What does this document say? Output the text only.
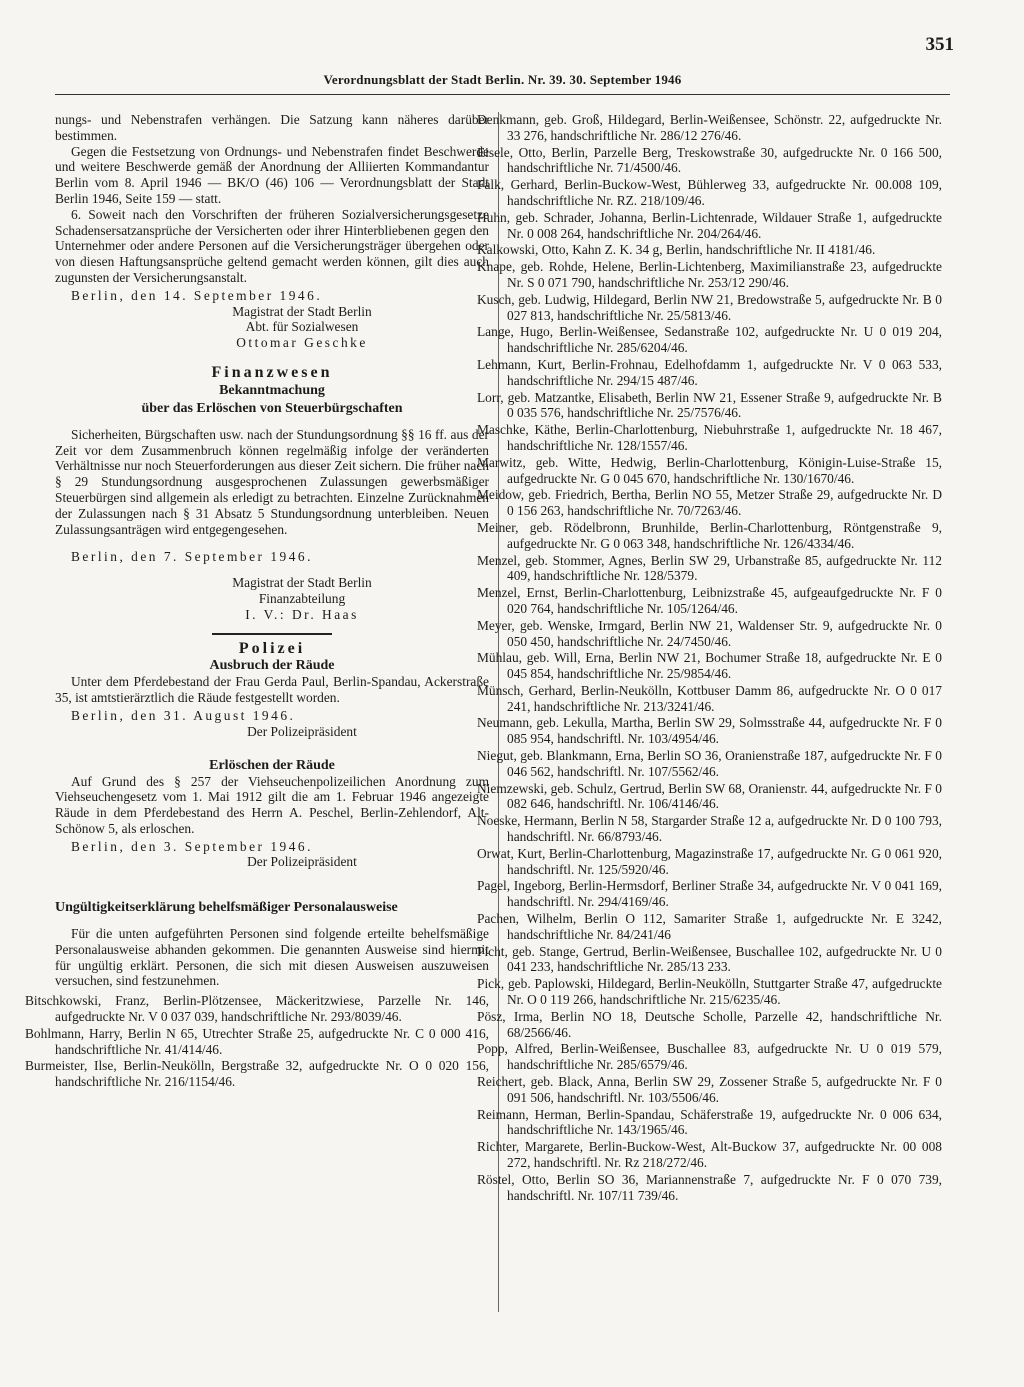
351
Verordnungsblatt der Stadt Berlin. Nr. 39. 30. September 1946

nungs- und Nebenstrafen verhängen. Die Satzung kann näheres darüber bestimmen.

Gegen die Festsetzung von Ordnungs- und Nebenstrafen findet Beschwerde und weitere Beschwerde gemäß der Anordnung der Alliierten Kommandantur Berlin vom 8. April 1946 — BK/O (46) 106 — Verordnungsblatt der Stadt Berlin 1946, Seite 159 — statt.

6. Soweit nach den Vorschriften der früheren Sozialversicherungsgesetze Schadensersatzansprüche der Versicherten oder ihrer Hinterbliebenen gegen den Unternehmer oder andere Personen auf die Versicherungsträger übergehen oder von diesen Haftungsansprüche geltend gemacht werden können, gilt dies auch zugunsten der Versicherungsanstalt.

Berlin, den 14. September 1946.

Magistrat der Stadt Berlin

Abt. für Sozialwesen

Ottomar Geschke

Finanzwesen
Bekanntmachung
über das Erlöschen von Steuerbürgschaften

Sicherheiten, Bürgschaften usw. nach der Stundungsordnung §§ 16 ff. aus der Zeit vor dem Zusammenbruch können regelmäßig infolge der veränderten Verhältnisse nur noch Steuerforderungen aus dieser Zeit sichern. Die früher nach § 29 Stundungsordnung ausgesprochenen Zulassungen gewerbsmäßiger Steuerbürgen sind allgemein als erledigt zu betrachten. Einzelne Zurücknahmen der Zulassungen nach § 31 Absatz 5 Stundungsordnung unterbleiben. Neuen Zulassungsanträgen wird entgegengesehen.

Berlin, den 7. September 1946.

Magistrat der Stadt Berlin

Finanzabteilung

I. V.: Dr. Haas

Polizei
Ausbruch der Räude

Unter dem Pferdebestand der Frau Gerda Paul, Berlin-Spandau, Ackerstraße 35, ist amtstierärztlich die Räude festgestellt worden.

Berlin, den 31. August 1946.

Der Polizeipräsident

Erlöschen der Räude

Auf Grund des § 257 der Viehseuchenpolizeilichen Anordnung zum Viehseuchengesetz vom 1. Mai 1912 gilt die am 1. Februar 1946 angezeigte Räude in dem Pferdebestand des Herrn A. Peschel, Berlin-Zehlendorf, Alt-Schönow 5, als erloschen.

Berlin, den 3. September 1946.

Der Polizeipräsident

Ungültigkeitserklärung behelfsmäßiger Personalausweise

Für die unten aufgeführten Personen sind folgende erteilte behelfsmäßige Personalausweise abhanden gekommen. Die genannten Ausweise sind hiermit für ungültig erklärt. Personen, die sich mit diesen Ausweisen auszuweisen versuchen, sind festzunehmen.

Bitschkowski, Franz, Berlin-Plötzensee, Mäckeritzwiese, Parzelle Nr. 146, aufgedruckte Nr. V 0 037 039, handschriftliche Nr. 293/8039/46.

Bohlmann, Harry, Berlin N 65, Utrechter Straße 25, aufgedruckte Nr. C 0 000 416, handschriftliche Nr. 41/414/46.

Burmeister, Ilse, Berlin-Neukölln, Bergstraße 32, aufgedruckte Nr. O 0 020 156, handschriftliche Nr. 216/1154/46.

Denkmann, geb. Groß, Hildegard, Berlin-Weißensee, Schönstr. 22, aufgedruckte Nr. 33 276, handschriftliche Nr. 286/12 276/46.

Eisele, Otto, Berlin, Parzelle Berg, Treskowstraße 30, aufgedruckte Nr. 0 166 500, handschriftliche Nr. 71/4500/46.

Falk, Gerhard, Berlin-Buckow-West, Bühlerweg 33, aufgedruckte Nr. 00.008 109, handschriftliche Nr. RZ. 218/109/46.

Huhn, geb. Schrader, Johanna, Berlin-Lichtenrade, Wildauer Straße 1, aufgedruckte Nr. 0 008 264, handschriftliche Nr. 204/264/46.

Kalkowski, Otto, Kahn Z. K. 34 g, Berlin, handschriftliche Nr. II 4181/46.

Knape, geb. Rohde, Helene, Berlin-Lichtenberg, Maximilianstraße 23, aufgedruckte Nr. S 0 071 790, handschriftliche Nr. 253/12 290/46.

Kusch, geb. Ludwig, Hildegard, Berlin NW 21, Bredowstraße 5, aufgedruckte Nr. B 0 027 813, handschriftliche Nr. 25/5813/46.

Lange, Hugo, Berlin-Weißensee, Sedanstraße 102, aufgedruckte Nr. U 0 019 204, handschriftliche Nr. 285/6204/46.

Lehmann, Kurt, Berlin-Frohnau, Edelhofdamm 1, aufgedruckte Nr. V 0 063 533, handschriftliche Nr. 294/15 487/46.

Lorr, geb. Matzantke, Elisabeth, Berlin NW 21, Essener Straße 9, aufgedruckte Nr. B 0 035 576, handschriftliche Nr. 25/7576/46.

Maschke, Käthe, Berlin-Charlottenburg, Niebuhrstraße 1, aufgedruckte Nr. 18 467, handschriftliche Nr. 128/1557/46.

Marwitz, geb. Witte, Hedwig, Berlin-Charlottenburg, Königin-Luise-Straße 15, aufgedruckte Nr. G 0 045 670, handschriftliche Nr. 130/1670/46.

Meidow, geb. Friedrich, Bertha, Berlin NO 55, Metzer Straße 29, aufgedruckte Nr. D 0 156 263, handschriftliche Nr. 70/7263/46.

Meiner, geb. Rödelbronn, Brunhilde, Berlin-Charlottenburg, Röntgenstraße 9, aufgedruckte Nr. G 0 063 348, handschriftliche Nr. 126/4334/46.

Menzel, geb. Stommer, Agnes, Berlin SW 29, Urbanstraße 85, aufgedruckte Nr. 112 409, handschriftliche Nr. 128/5379.

Menzel, Ernst, Berlin-Charlottenburg, Leibnizstraße 45, aufgeaufgedruckte Nr. F 0 020 764, handschriftliche Nr. 105/1264/46.

Meyer, geb. Wenske, Irmgard, Berlin NW 21, Waldenser Str. 9, aufgedruckte Nr. 0 050 450, handschriftliche Nr. 24/7450/46.

Mühlau, geb. Will, Erna, Berlin NW 21, Bochumer Straße 18, aufgedruckte Nr. E 0 045 854, handschriftliche Nr. 25/9854/46.

Münsch, Gerhard, Berlin-Neukölln, Kottbuser Damm 86, aufgedruckte Nr. O 0 017 241, handschriftliche Nr. 213/3241/46.

Neumann, geb. Lekulla, Martha, Berlin SW 29, Solmsstraße 44, aufgedruckte Nr. F 0 085 954, handschriftl. Nr. 103/4954/46.

Niegut, geb. Blankmann, Erna, Berlin SO 36, Oranienstraße 187, aufgedruckte Nr. F 0 046 562, handschriftl. Nr. 107/5562/46.

Niemzewski, geb. Schulz, Gertrud, Berlin SW 68, Oranienstr. 44, aufgedruckte Nr. F 0 082 646, handschriftl. Nr. 106/4146/46.

Noeske, Hermann, Berlin N 58, Stargarder Straße 12 a, aufgedruckte Nr. D 0 100 793, handschriftl. Nr. 66/8793/46.

Orwat, Kurt, Berlin-Charlottenburg, Magazinstraße 17, aufgedruckte Nr. G 0 061 920, handschriftl. Nr. 125/5920/46.

Pagel, Ingeborg, Berlin-Hermsdorf, Berliner Straße 34, aufgedruckte Nr. V 0 041 169, handschriftl. Nr. 294/4169/46.

Pachen, Wilhelm, Berlin O 112, Samariter Straße 1, aufgedruckte Nr. E 3242, handschriftliche Nr. 84/241/46

Picht, geb. Stange, Gertrud, Berlin-Weißensee, Buschallee 102, aufgedruckte Nr. U 0 041 233, handschriftliche Nr. 285/13 233.

Pick, geb. Paplowski, Hildegard, Berlin-Neukölln, Stuttgarter Straße 47, aufgedruckte Nr. O 0 119 266, handschriftliche Nr. 215/6235/46.

Pösz, Irma, Berlin NO 18, Deutsche Scholle, Parzelle 42, handschriftliche Nr. 68/2566/46.

Popp, Alfred, Berlin-Weißensee, Buschallee 83, aufgedruckte Nr. U 0 019 579, handschriftliche Nr. 285/6579/46.

Reichert, geb. Black, Anna, Berlin SW 29, Zossener Straße 5, aufgedruckte Nr. F 0 091 506, handschriftl. Nr. 103/5506/46.

Reimann, Herman, Berlin-Spandau, Schäferstraße 19, aufgedruckte Nr. 0 006 634, handschriftliche Nr. 143/1965/46.

Richter, Margarete, Berlin-Buckow-West, Alt-Buckow 37, aufgedruckte Nr. 00 008 272, handschriftl. Nr. Rz 218/272/46.

Röstel, Otto, Berlin SO 36, Mariannenstraße 7, aufgedruckte Nr. F 0 070 739, handschriftl. Nr. 107/11 739/46.
